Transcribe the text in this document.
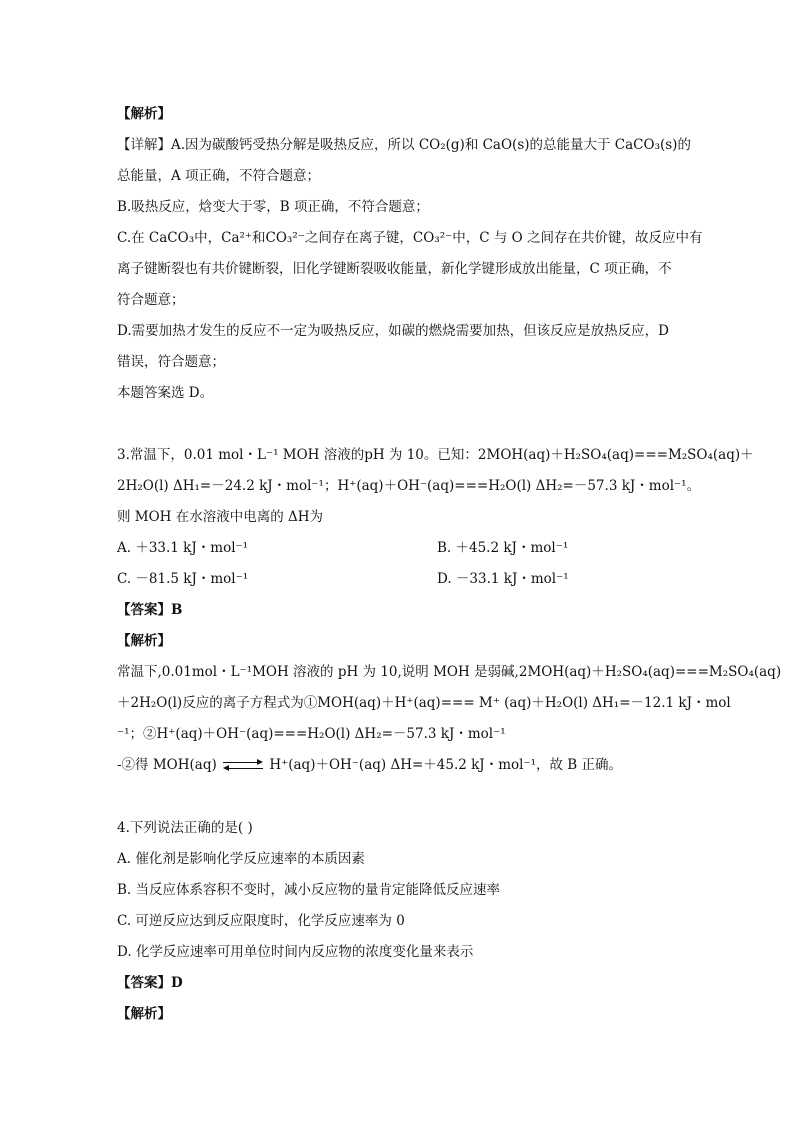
【解析】
【详解】A.因为碳酸钙受热分解是吸热反应，所以 CO₂(g)和 CaO(s)的总能量大于 CaCO₃(s)的
总能量，A 项正确，不符合题意；
B.吸热反应，焓变大于零，B 项正确，不符合题意；
C.在 CaCO₃中，Ca²⁺和CO₃²⁻之间存在离子键，CO₃²⁻中，C 与 O 之间存在共价键，故反应中有
离子键断裂也有共价键断裂，旧化学键断裂吸收能量，新化学键形成放出能量，C 项正确，不
符合题意；
D.需要加热才发生的反应不一定为吸热反应，如碳的燃烧需要加热，但该反应是放热反应，D
错误，符合题意；
本题答案选 D。
3.常温下，0.01 mol・L⁻¹ MOH 溶液的pH 为 10。已知：2MOH(aq)＋H₂SO₄(aq)===M₂SO₄(aq)＋
2H₂O(l) ΔH₁=－24.2 kJ・mol⁻¹；H⁺(aq)＋OH⁻(aq)===H₂O(l) ΔH₂=－57.3 kJ・mol⁻¹。
则 MOH 在水溶液中电离的 ΔH为
A. ＋33.1 kJ・mol⁻¹	B. ＋45.2 kJ・mol⁻¹
C. －81.5 kJ・mol⁻¹	D. －33.1 kJ・mol⁻¹
【答案】B
【解析】
常温下,0.01mol・L⁻¹MOH 溶液的 pH 为 10,说明 MOH 是弱碱,2MOH(aq)＋H₂SO₄(aq)===M₂SO₄(aq)
＋2H₂O(l)反应的离子方程式为①MOH(aq)＋H⁺(aq)=== M⁺ (aq)＋H₂O(l) ΔH₁=－12.1 kJ・mol
⁻¹；②H⁺(aq)＋OH⁻(aq)===H₂O(l) ΔH₂=－57.3 kJ・mol⁻¹
-②得 MOH(aq) ⇌ H⁺(aq)＋OH⁻(aq) ΔH=＋45.2 kJ・mol⁻¹，故 B 正确。
4.下列说法正确的是( )
A. 催化剂是影响化学反应速率的本质因素
B. 当反应体系容积不变时，减小反应物的量肯定能降低反应速率
C. 可逆反应达到反应限度时，化学反应速率为 0
D. 化学反应速率可用单位时间内反应物的浓度变化量来表示
【答案】D
【解析】
